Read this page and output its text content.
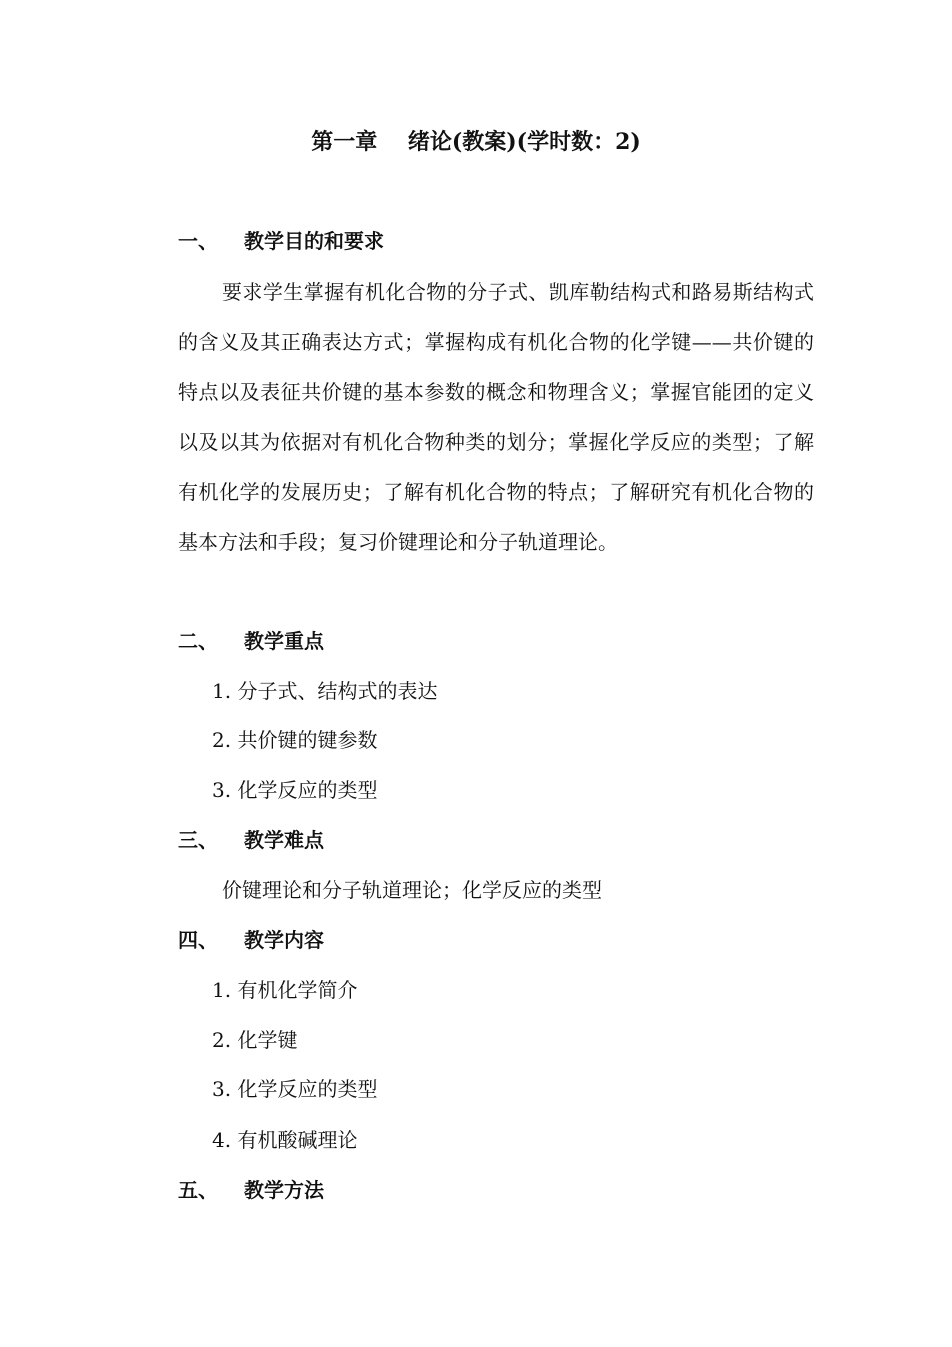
第一章    绪论(教案)(学时数：2)
一、 教学目的和要求
要求学生掌握有机化合物的分子式、凯库勒结构式和路易斯结构式的含义及其正确表达方式；掌握构成有机化合物的化学键——共价键的特点以及表征共价键的基本参数的概念和物理含义；掌握官能团的定义以及以其为依据对有机化合物种类的划分；掌握化学反应的类型；了解有机化学的发展历史；了解有机化合物的特点；了解研究有机化合物的基本方法和手段；复习价键理论和分子轨道理论。
二、 教学重点
1. 分子式、结构式的表达
2. 共价键的键参数
3. 化学反应的类型
三、 教学难点
价键理论和分子轨道理论；化学反应的类型
四、 教学内容
1. 有机化学简介
2. 化学键
3. 化学反应的类型
4. 有机酸碱理论
五、 教学方法
